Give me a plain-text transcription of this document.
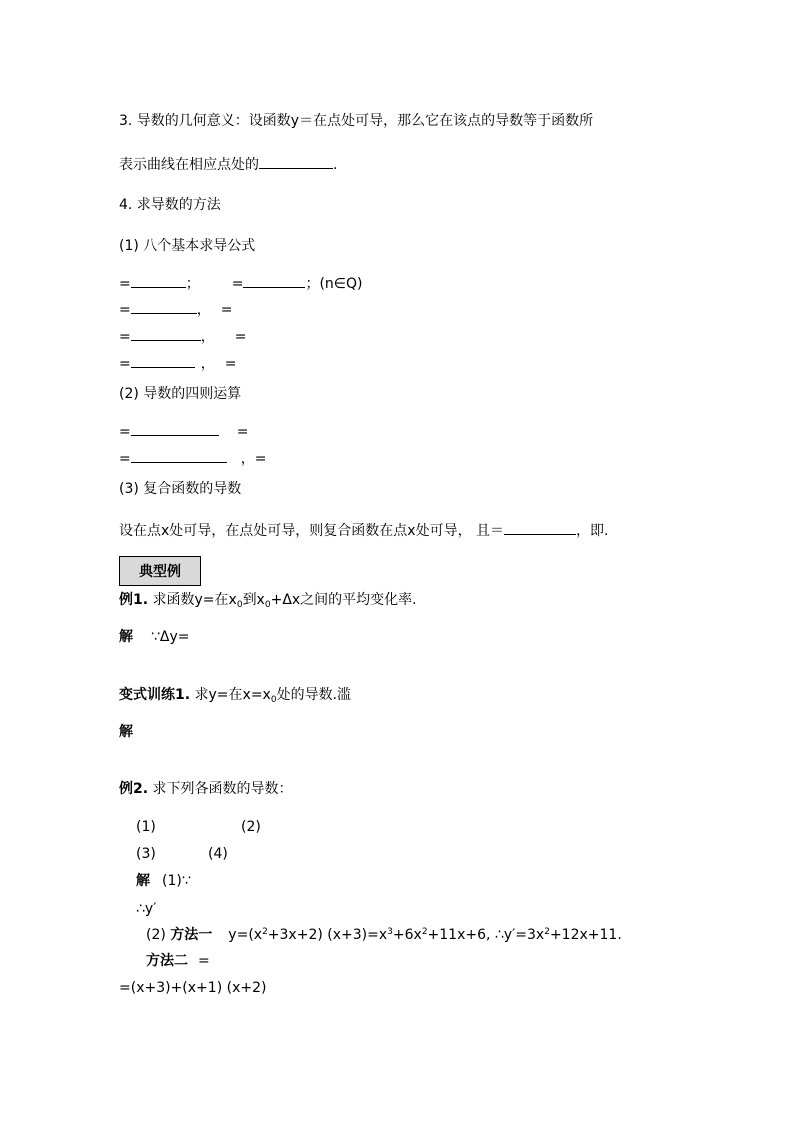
3. 导数的几何意义：设函数y＝在点处可导，那么它在该点的导数等于函数所
表示曲线在相应点处的	.
4. 求导数的方法
(1) 八个基本求导公式
=	； =	；(n∈Q)
=	， =
=	， =
=	， =
(2) 导数的四则运算
=	=
=	，=
(3) 复合函数的导数
设在点x处可导，在点处可导，则复合函数在点x处可导， 且＝	，即.
典型例
例1. 求函数y=在$x_0$到$x_0+\Delta x$之间的平均变化率.
解 ∵Δy=
变式训练1. 求y=在$x=x_0$处的导数.滥
解
例2. 求下列各函数的导数：
(1)	(2)
(3)	(4)
解 (1)∵
∴y′
(2) 方法一 $y=(x^2+3x+2)$ $(x+3)=x^3+6x^2+11x+6$, $\therefore y'=3x^2+12x+11$.
方法二 =
=(x+3)+(x+1) (x+2)
